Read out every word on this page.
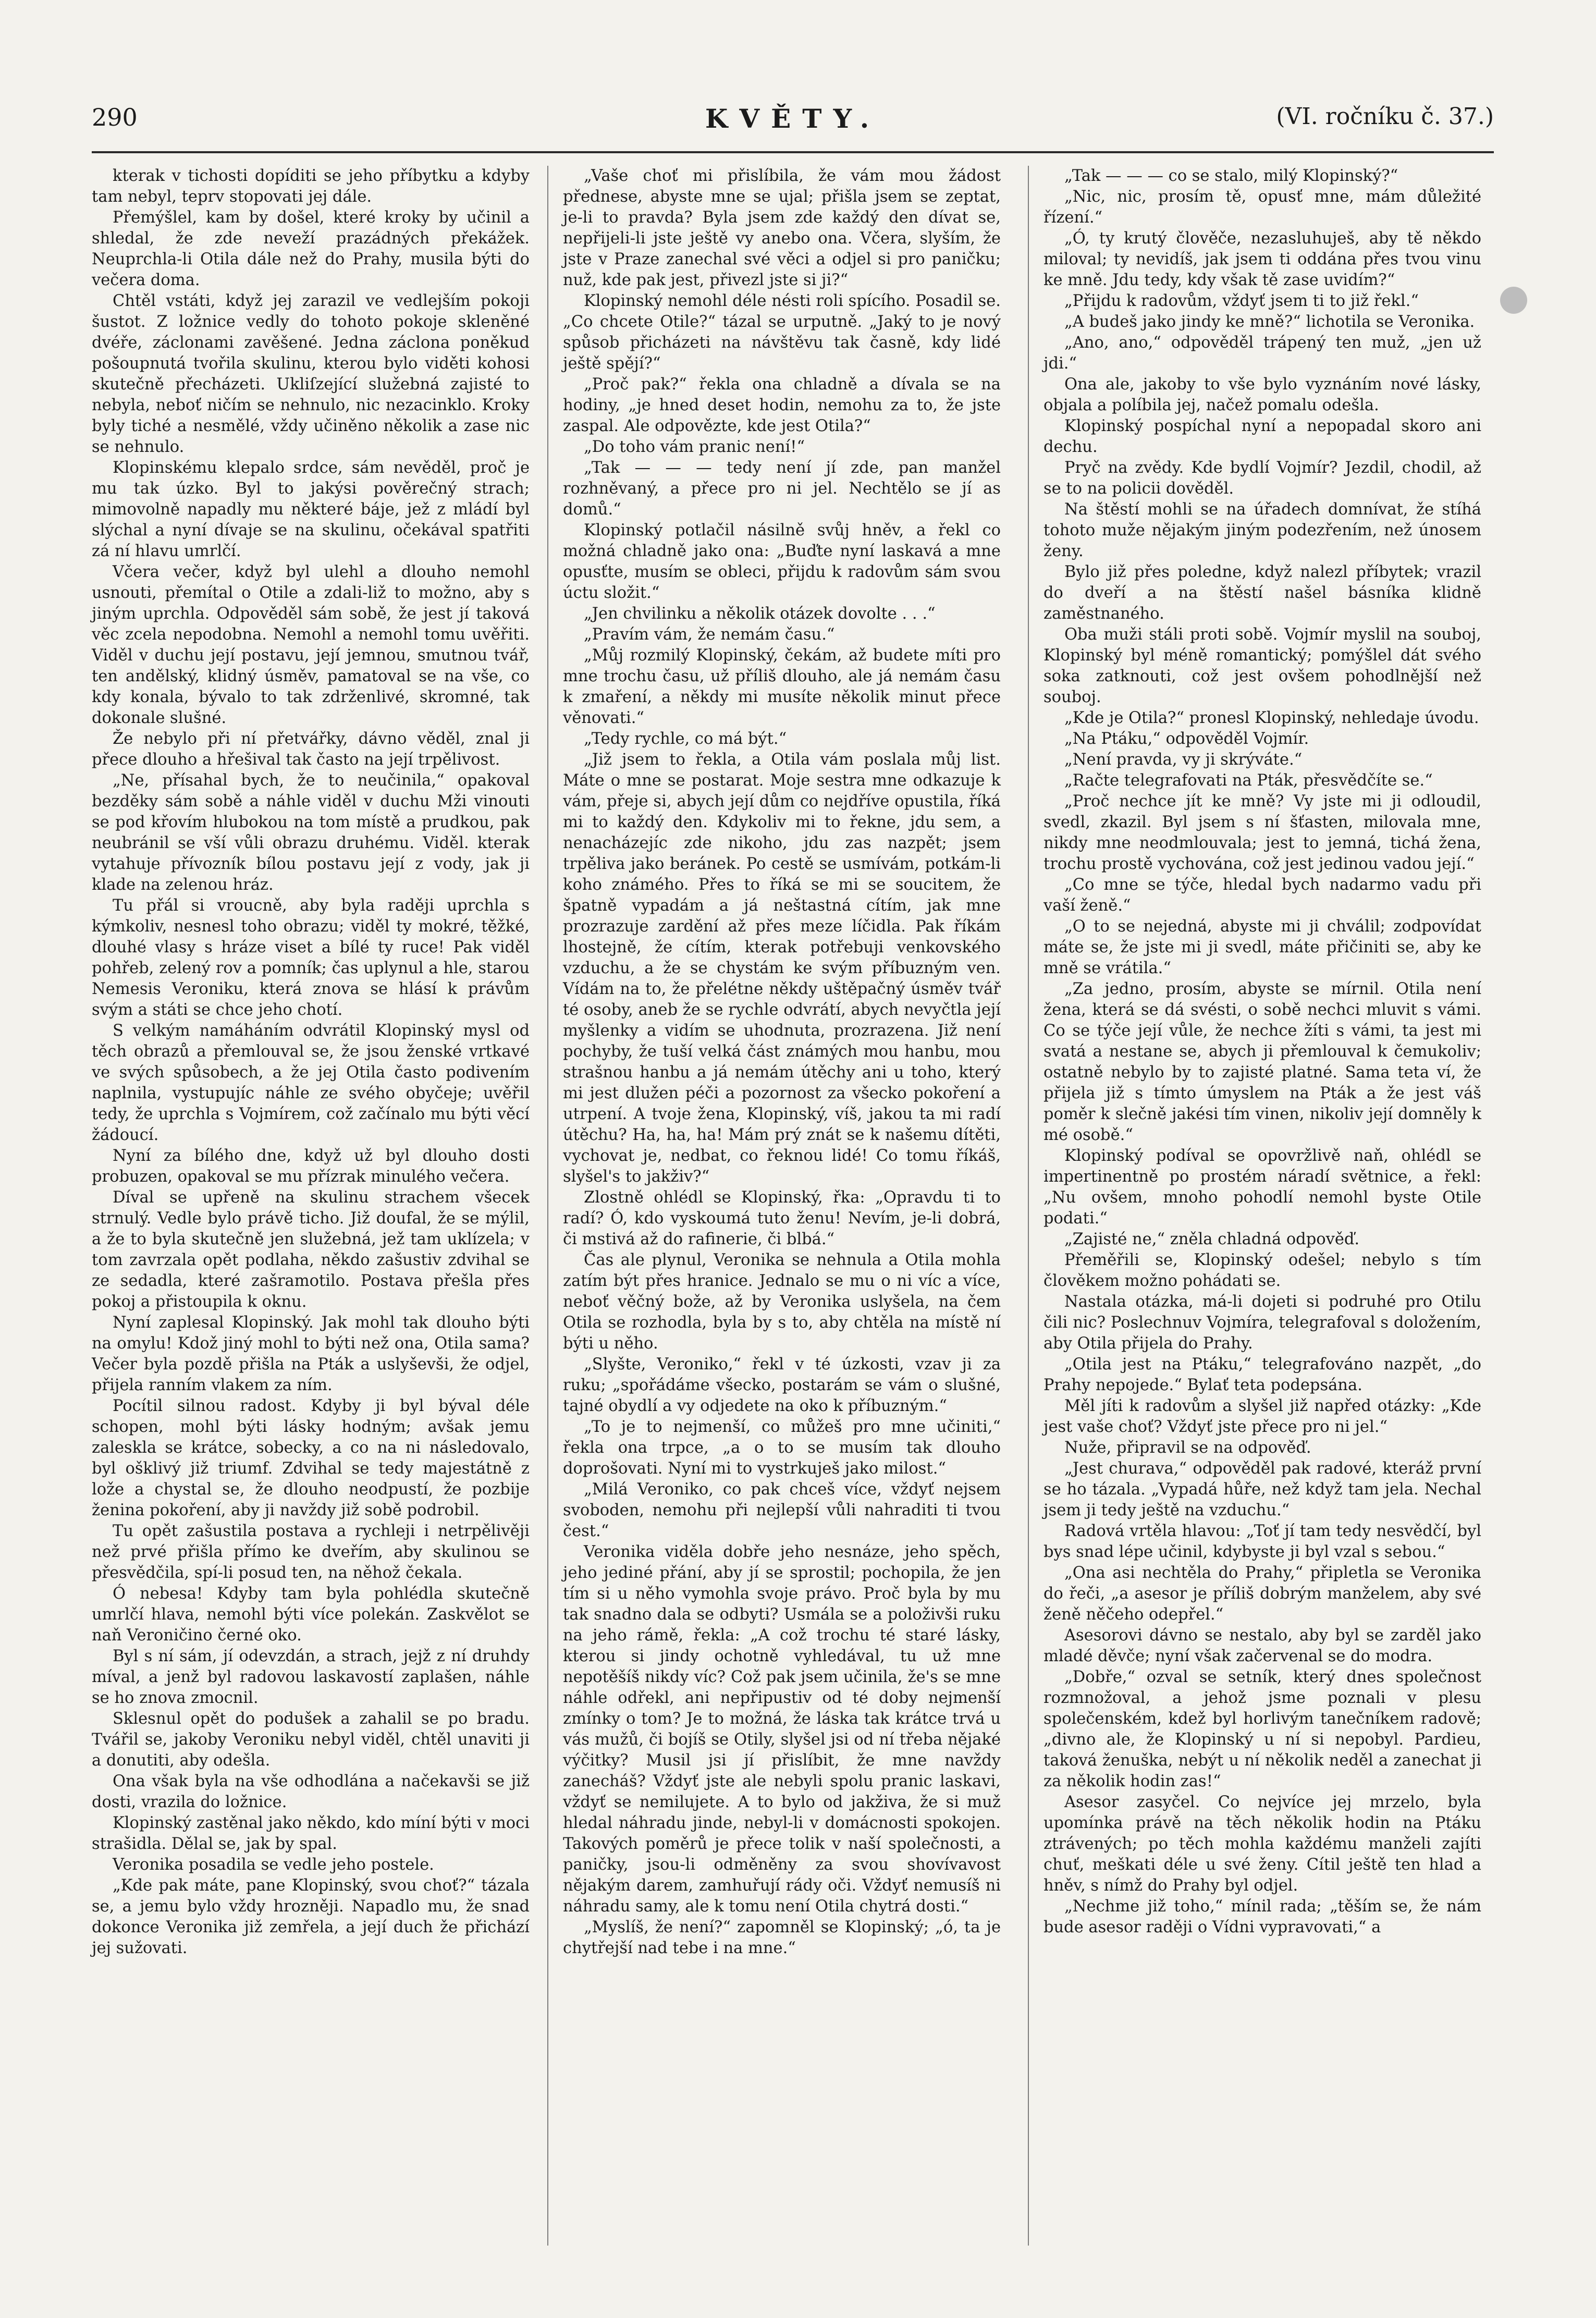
290	KVĚTY.	(VI. ročníku č. 37.)

kterak v tichosti dopíditi se jeho příbytku a kdyby tam nebyl, teprv stopovati jej dále.

Přemýšlel, kam by došel, které kroky by učinil a shledal, že zde neveží prazádných překážek. Neuprchla-li Otila dále než do Prahy, musila býti do večera doma.

Chtěl vstáti, když jej zarazil ve vedlejším pokoji šustot. Z ložnice vedly do tohoto pokoje skleněné dvéře, záclonami zavěšené. Jedna záclona poněkud pošoupnutá tvořila skulinu, kterou bylo viděti kohosi skutečně přecházeti. Ukliſzející služebná zajisté to nebyla, neboť ničím se nehnulo, nic nezacinklo. Kroky byly tiché a nesmělé, vždy učiněno několik a zase nic se nehnulo.

Klopinskému klepalo srdce, sám nevěděl, proč je mu tak úzko. Byl to jakýsi pověrečný strach; mimovolně napadly mu některé báje, jež z mládí byl slýchal a nyní dívaje se na skulinu, očekával spatřiti zá ní hlavu umrlčí.

Včera večer, když byl ulehl a dlouho nemohl usnouti, přemítal o Otile a zdali-liž to možno, aby s jiným uprchla. Odpověděl sám sobě, že jest jí taková věc zcela nepodobna. Nemohl a nemohl tomu uvěřiti. Viděl v duchu její postavu, její jemnou, smutnou tvář, ten andělský, klidný úsměv, pamatoval se na vše, co kdy konala, bývalo to tak zdrženlivé, skromné, tak dokonale slušné.

Že nebylo při ní přetvářky, dávno věděl, znal ji přece dlouho a hřešival tak často na její trpělivost.

„Ne, přísahal bych, že to neučinila,“ opakoval bezděky sám sobě a náhle viděl v duchu Mži vinouti se pod křovím hlubokou na tom místě a prudkou, pak neubránil se vší vůli obrazu druhému. Viděl. kterak vytahuje přívozník bílou postavu její z vody, jak ji klade na zelenou hráz.

Tu přál si vroucně, aby byla raději uprchla s kýmkoliv, nesnesl toho obrazu; viděl ty mokré, těžké, dlouhé vlasy s hráze viset a bílé ty ruce! Pak viděl pohřeb, zelený rov a pomník; čas uplynul a hle, starou Nemesis Veroniku, která znova se hlásí k právům svým a státi se chce jeho chotí.

S velkým namáháním odvrátil Klopinský mysl od těch obrazů a přemlouval se, že jsou ženské vrtkavé ve svých spůsobech, a že jej Otila často podivením naplnila, vystupujíc náhle ze svého obyčeje; uvěřil tedy, že uprchla s Vojmírem, což začínalo mu býti věcí žádoucí.

Nyní za bílého dne, když už byl dlouho dosti probuzen, opakoval se mu přízrak minulého večera.

Díval se upřeně na skulinu strachem všecek strnulý. Vedle bylo právě ticho. Již doufal, že se mýlil, a že to byla skutečně jen služebná, jež tam uklízela; v tom zavrzala opět podlaha, někdo zašustiv zdvihal se ze sedadla, které zašramotilo. Postava přešla přes pokoj a přistoupila k oknu.

Nyní zaplesal Klopinský. Jak mohl tak dlouho býti na omylu! Kdož jiný mohl to býti než ona, Otila sama? Večer byla pozdě přišla na Pták a uslyševši, že odjel, přijela ranním vlakem za ním.

Pocítil silnou radost. Kdyby ji byl býval déle schopen, mohl býti lásky hodným; avšak jemu zalesklа se krátce, sobecky, a co na ni následovalo, byl ošklivý již triumf. Zdvihal se tedy majestátně z lože a chystal se, že dlouho neodpustí, že pozbije ženina pokoření, aby ji navždy již sobě podrobil.

Tu opět zašustila postava a rychleji i netrpělivěji než prvé přišla přímo ke dveřím, aby skulinou se přesvědčila, spí-li posud ten, na něhož čekala.

Ó nebesa! Kdyby tam byla pohlédla skutečně umrlčí hlava, nemohl býti více polekán. Zaskvělot se naň Veroničino černé oko.

Byl s ní sám, jí odevzdán, a strach, jejž z ní druhdy míval, a jenž byl radovou laskavostí zaplašen, náhle se ho znova zmocnil.

Sklesnul opět do podušek a zahalil se po bradu. Tvářil se, jakoby Veroniku nebyl viděl, chtěl unaviti ji a donutiti, aby odešla.

Ona však byla na vše odhodlána a načekavši se již dosti, vrazila do ložnice.

Klopinský zastěnal jako někdo, kdo míní býti v moci strašidla. Dělal se, jak by spal.

Veronika posadila se vedle jeho postele.

„Kde pak máte, pane Klopinský, svou choť?“ tázala se, a jemu bylo vždy hrozněji. Napadlo mu, že snad dokonce Veronika již zemřela, a její duch že přichází jej sužovati.

„Vaše choť mi přislíbila, že vám mou žádost přednese, abyste mne se ujal; přišla jsem se zeptat, je-li to pravda? Byla jsem zde každý den dívat se, nepřijeli-li jste ještě vy anebo ona. Včera, slyším, že jste v Praze zanechal své věci a odjel si pro paničku; nuž, kde pak jest, přivezl jste si ji?“

Klopinský nemohl déle nésti roli spícího. Posadil se. „Co chcete Otile?“ tázal se urputně. „Jaký to je nový spůsob přicházeti na návštěvu tak časně, kdy lidé ještě spějí?“

„Proč pak?“ řekla ona chladně a dívala se na hodiny, „je hned deset hodin, nemohu za to, že jste zaspal. Ale odpovězte, kde jest Otila?“

„Do toho vám pranic není!“

„Tak — — — tedy není jí zde, pan manžel rozhněvaný, a přece pro ni jel. Nechtělo se jí as domů.“

Klopinský potlačil násilně svůj hněv, a řekl co možná chladně jako ona: „Buďte nyní laskavá a mne opusťte, musím se obleci, přijdu k radovům sám svou úctu složit.“

„Jen chvilinku a několik otázek dovolte . . .“

„Pravím vám, že nemám času.“

„Můj rozmilý Klopinský, čekám, až budete míti pro mne trochu času, už příliš dlouho, ale já nemám času k zmaření, a někdy mi musíte několik minut přece věnovati.“

„Tedy rychle, co má být.“

„Již jsem to řekla, a Otila vám poslala můj list. Máte o mne se postarat. Moje sestra mne odkazuje k vám, přeje si, abych její dům co nejdříve opustila, říká mi to každý den. Kdykoliv mi to řekne, jdu sem, a nenacházejíc zde nikoho, jdu zas nazpět; jsem trpěliva jako beránek. Po cestě se usmívám, potkám-li koho známého. Přes to říká se mi se soucitem, že špatně vypadám a já neštastná cítím, jak mne prozrazuje zardění až přes meze líčidla. Pak říkám lhostejně, že cítím, kterak potřebuji venkovského vzduchu, a že se chystám ke svým příbuzným ven. Vídám na to, že přelétne někdy uštěpačný úsměv tvář té osoby, aneb že se rychle odvrátí, abych nevyčtla její myšlenky a vidím se uhodnuta, prozrazena. Již není pochyby, že tuší velká část známých mou hanbu, mou strašnou hanbu a já nemám útěchy ani u toho, který mi jest dlužen péči a pozornost za všecko pokoření a utrpení. A tvoje žena, Klopinský, víš, jakou ta mi radí útěchu? Ha, ha, ha! Mám prý znát se k našemu dítěti, vychovat je, nedbat, co řeknou lidé! Co tomu říkáš, slyšel's to jakživ?“

Zlostně ohlédl se Klopinský, řka: „Opravdu ti to radí? Ó, kdo vyskoumá tuto ženu! Nevím, je-li dobrá, či mstivá až do rafinerie, či blbá.“

Čas ale plynul, Veronika se nehnula a Otila mohla zatím být přes hranice. Jednalo se mu o ni víc a více, neboť věčný bože, až by Veronika uslyšela, na čem Otila se rozhodla, byla by s to, aby chtěla na místě ní býti u něho.

„Slyšte, Veroniko,“ řekl v té úzkosti, vzav ji za ruku; „spořádáme všecko, postarám se vám o slušné, tajné obydlí a vy odjedete na oko k příbuzným.“

„To je to nejmenší, co můžeš pro mne učiniti,“ řekla ona trpce, „a o to se musím tak dlouho doprošovati. Nyní mi to vystrkuješ jako milost.“

„Milá Veroniko, co pak chceš více, vždyť nejsem svoboden, nemohu při nejlepší vůli nahraditi ti tvou čest.“

Veronika viděla dobře jeho nesnáze, jeho spěch, jeho jediné přání, aby jí se sprostil; pochopila, že jen tím si u něho vymohla svoje právo. Proč byla by mu tak snadno dala se odbyti? Usmála se a položivši ruku na jeho rámě, řekla: „A což trochu té staré lásky, kterou si jindy ochotně vyhledával, tu už mne nepotěšíš nikdy víc? Což pak jsem učinila, že's se mne náhle odřekl, ani nepřipustiv od té doby nejmenší zmínky o tom? Je to možná, že láska tak krátce trvá u vás mužů, či bojíš se Otily, slyšel jsi od ní třeba nějaké výčitky? Musil jsi jí přislíbit, že mne navždy zanecháš? Vždyť jste ale nebyli spolu pranic laskavi, vždyť se nemilujete. A to bylo od jakživa, že si muž hledal náhradu jinde, nebyl-li v domácnosti spokojen. Takových poměrů je přece tolik v naší společnosti, a paničky, jsou-li odměněny za svou shovívavost nějakým darem, zamhuřují rády oči. Vždyť nemusíš ni náhradu samy, ale k tomu není Otila chytrá dosti.“

„Myslíš, že není?“ zapomněl se Klopinský; „ó, ta je chytřejší nad tebe i na mne.“

„Tak — — — co se stalo, milý Klopinský?“

„Nic, nic, prosím tě, opusť mne, mám důležité řízení.“

„Ó, ty krutý člověče, nezasluhuješ, aby tě někdo miloval; ty nevidíš, jak jsem ti oddána přes tvou vinu ke mně. Jdu tedy, kdy však tě zase uvidím?“

„Přijdu k radovům, vždyť jsem ti to již řekl.“

„A budeš jako jindy ke mně?“ lichotila se Veronika.

„Ano, ano,“ odpověděl trápený ten muž, „jen už jdi.“

Ona ale, jakoby to vše bylo vyznáním nové lásky, objala a políbila jej, načež pomalu odešla.

Klopinský pospíchal nyní a nepopadal skoro ani dechu.

Pryč na zvědy. Kde bydlí Vojmír? Jezdil, chodil, až se to na policii dověděl.

Na štěstí mohli se na úřadech domnívat, že stíhá tohoto muže nějakým jiným podezřením, než únosem ženy.

Bylo již přes poledne, když nalezl příbytek; vrazil do dveří a na štěstí našel básníka klidně zaměstnaného.

Oba muži stáli proti sobě. Vojmír myslil na souboj, Klopinský byl méně romantický; pomýšlel dát svého soka zatknouti, což jest ovšem pohodlnější než souboj.

„Kde je Otila?“ pronesl Klopinský, nehledaje úvodu.

„Na Ptáku,“ odpověděl Vojmír.

„Není pravda, vy ji skrýváte.“

„Račte telegrafovati na Pták, přesvědčíte se.“

„Proč nechce jít ke mně? Vy jste mi ji odloudil, svedl, zkazil. Byl jsem s ní šťasten, milovala mne, nikdy mne neodmlouvala; jest to jemná, tichá žena, trochu prostě vychována, což jest jedinou vadou její.“

„Co mne se týče, hledal bych nadarmo vadu při vaší ženě.“

„O to se nejedná, abyste mi ji chválil; zodpovídat máte se, že jste mi ji svedl, máte přičiniti se, aby ke mně se vrátila.“

„Za jedno, prosím, abyste se mírnil. Otila není žena, která se dá svésti, o sobě nechci mluvit s vámi. Co se týče její vůle, že nechce žíti s vámi, ta jest mi svatá a nestane se, abych ji přemlouval k čemukoliv; ostatně nebylo by to zajisté platné. Sama teta ví, že přijela již s tímto úmyslem na Pták a že jest váš poměr k slečně jakési tím vinen, nikoliv její domněly k mé osobě.“

Klopinský podíval se opovržlivě naň, ohlédl se impertinentně po prostém náradí světnice, a řekl: „Nu ovšem, mnoho pohodlí nemohl byste Otile podati.“

„Zajisté ne,“ zněla chladná odpověď.

Přeměřili se, Klopinský odešel; nebylo s tím člověkem možno pohádati se.

Nastala otázka, má-li dojeti si podruhé pro Otilu čili nic? Poslechnuv Vojmíra, telegrafoval s doložením, aby Otila přijela do Prahy.

„Otila jest na Ptáku,“ telegrafováno nazpět, „do Prahy nepojede.“ Bylať teta podepsána.

Měl jíti k radovům a slyšel již napřed otázky: „Kde jest vaše choť? Vždyť jste přece pro ni jel.“

Nuže, připravil se na odpověď.

„Jest churava,“ odpověděl pak radové, kteráž první se ho tázala. „Vypadá hůře, než když tam jela. Nechal jsem ji tedy ještě na vzduchu.“

Radová vrtěla hlavou: „Toť jí tam tedy nesvědčí, byl bys snad lépe učinil, kdybyste ji byl vzal s sebou.“

„Ona asi nechtěla do Prahy,“ připletla se Veronika do řeči, „a asesor je příliš dobrým manželem, aby své ženě něčeho odepřel.“

Asesorovi dávno se nestalo, aby byl se zarděl jako mladé děvče; nyní však začervenal se do modra.

„Dobře,“ ozval se setník, který dnes společnost rozmnožoval, a jehož jsme poznali v plesu společenském, kdež byl horlivým tanečníkem radově; „divno ale, že Klopinský u ní si nepobyl. Pardieu, taková ženuška, nebýt u ní několik neděl a zanechat ji za několik hodin zas!“

Asesor zasyčel. Co nejvíce jej mrzelo, byla upomínka právě na těch několik hodin na Ptáku ztrávených; po těch mohla každému manželi zajíti chuť, meškati déle u své ženy. Cítil ještě ten hlad a hněv, s nímž do Prahy byl odjel.

„Nechme již toho,“ mínil rada; „těším se, že nám bude asesor raději o Vídni vypravovati,“ a
